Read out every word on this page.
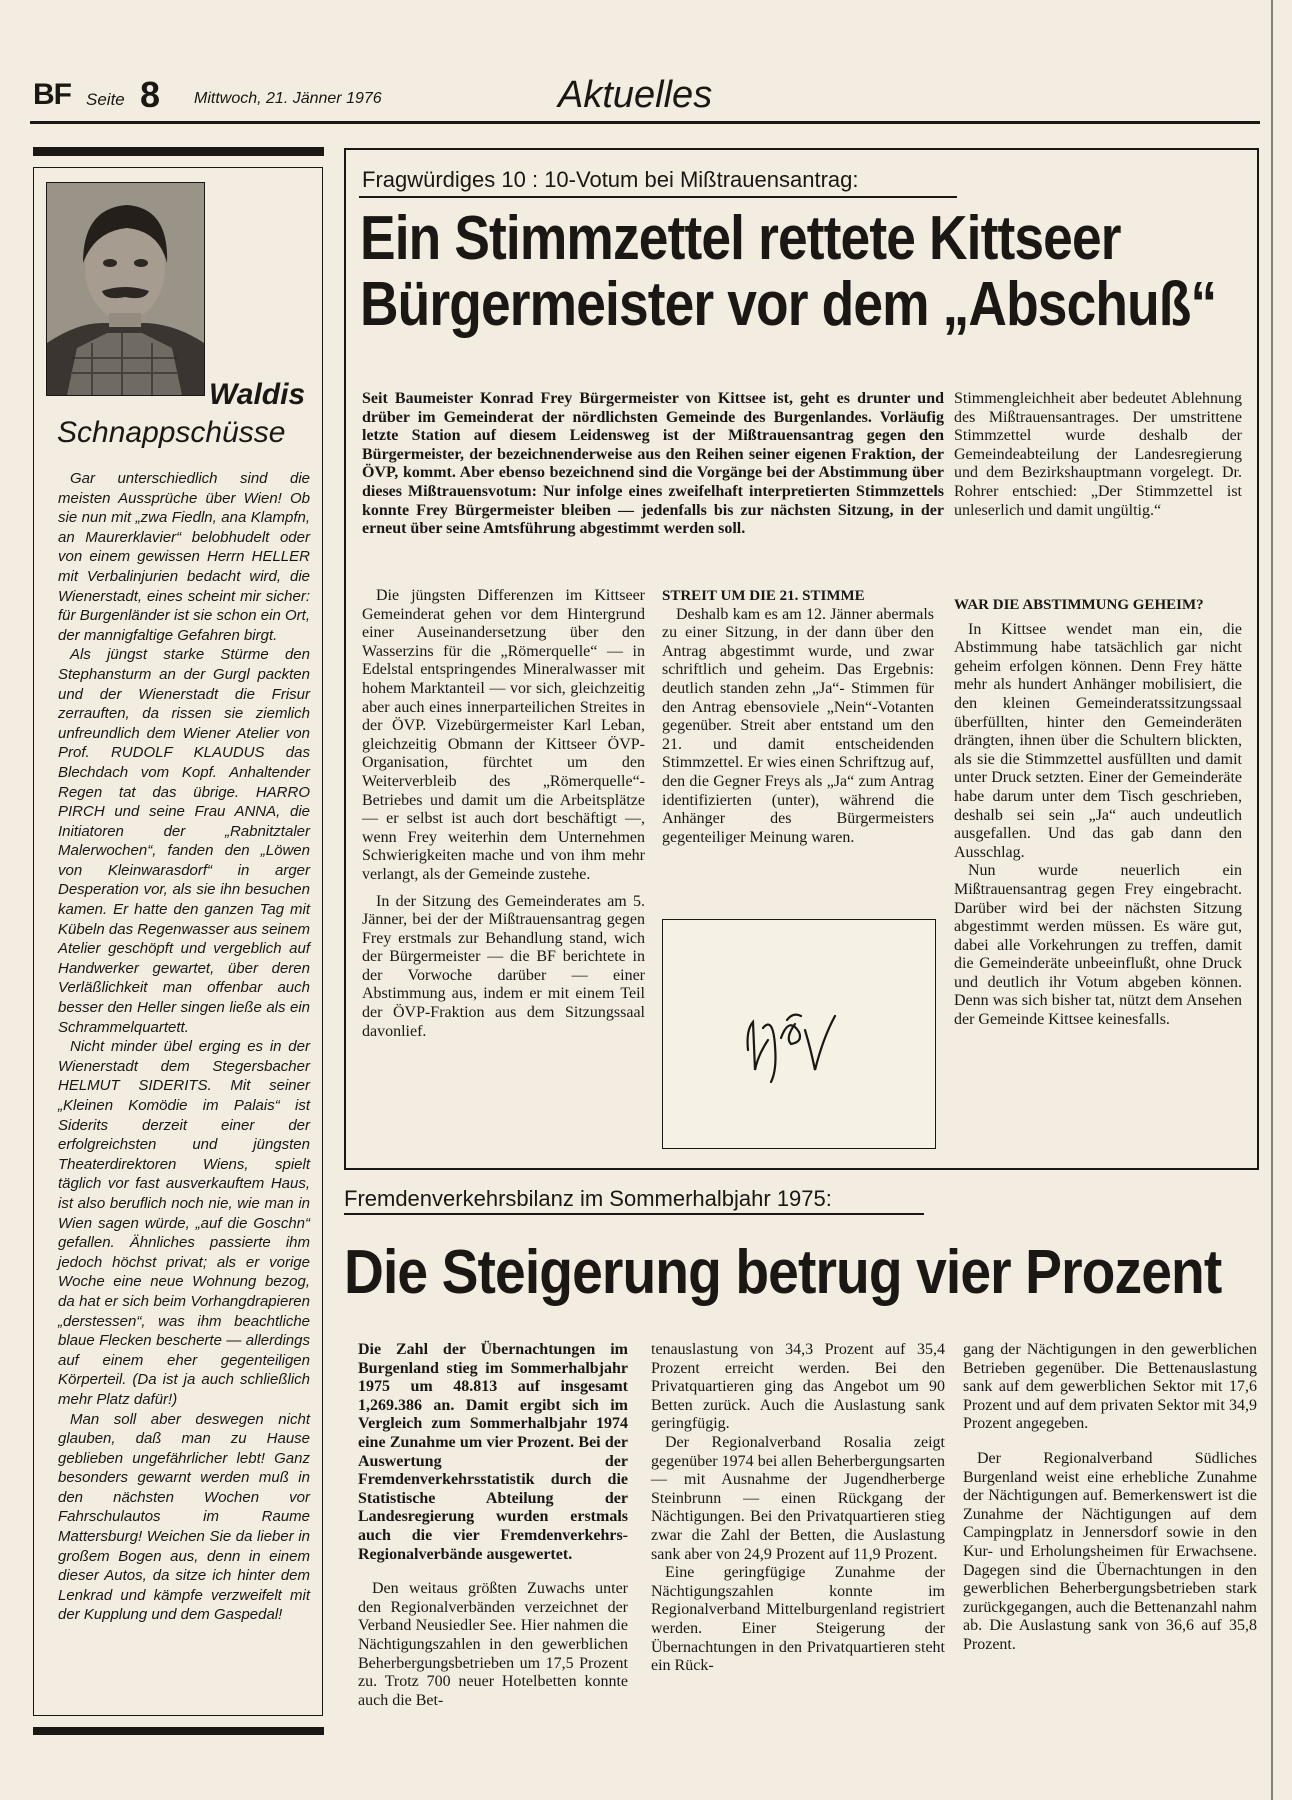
BF Seite 8 Mittwoch, 21. Jänner 1976	Aktuelles
Waldis
Schnappschüsse

Gar unterschiedlich sind die meisten Aussprüche über Wien! Ob sie nun mit „zwa Fiedln, ana Klampfn, an Maurerklavier“ belobhudelt oder von einem gewissen Herrn HELLER mit Verbalinjurien bedacht wird, die Wienerstadt, eines scheint mir sicher: für Burgenländer ist sie schon ein Ort, der mannigfaltige Gefahren birgt.

Als jüngst starke Stürme den Stephansturm an der Gurgl packten und der Wienerstadt die Frisur zerrauften, da rissen sie ziemlich unfreundlich dem Wiener Atelier von Prof. RUDOLF KLAUDUS das Blechdach vom Kopf. Anhaltender Regen tat das übrige. HARRO PIRCH und seine Frau ANNA, die Initiatoren der „Rabnitztaler Malerwochen“, fanden den „Löwen von Kleinwarasdorf“ in arger Desperation vor, als sie ihn besuchen kamen. Er hatte den ganzen Tag mit Kübeln das Regenwasser aus seinem Atelier geschöpft und vergeblich auf Handwerker gewartet, über deren Verläßlichkeit man offenbar auch besser den Heller singen ließe als ein Schrammelquartett.

Nicht minder übel erging es in der Wienerstadt dem Stegersbacher HELMUT SIDERITS. Mit seiner „Kleinen Komödie im Palais“ ist Siderits derzeit einer der erfolgreichsten und jüngsten Theaterdirektoren Wiens, spielt täglich vor fast ausverkauftem Haus, ist also beruflich noch nie, wie man in Wien sagen würde, „auf die Goschn“ gefallen. Ähnliches passierte ihm jedoch höchst privat; als er vorige Woche eine neue Wohnung bezog, da hat er sich beim Vorhangdrapieren „derstessen“, was ihm beachtliche blaue Flecken bescherte — allerdings auf einem eher gegenteiligen Körperteil. (Da ist ja auch schließlich mehr Platz dafür!)

Man soll aber deswegen nicht glauben, daß man zu Hause geblieben ungefährlicher lebt! Ganz besonders gewarnt werden muß in den nächsten Wochen vor Fahrschulautos im Raume Mattersburg! Weichen Sie da lieber in großem Bogen aus, denn in einem dieser Autos, da sitze ich hinter dem Lenkrad und kämpfe verzweifelt mit der Kupplung und dem Gaspedal!

Fragwürdiges 10 : 10-Votum bei Mißtrauensantrag:
Ein Stimmzettel rettete Kittseer
Bürgermeister vor dem „Abschuß“

Seit Baumeister Konrad Frey Bürgermeister von Kittsee ist, geht es drunter und drüber im Gemeinderat der nördlichsten Gemeinde des Burgenlandes. Vorläufig letzte Station auf diesem Leidensweg ist der Mißtrauensantrag gegen den Bürgermeister, der bezeichnenderweise aus den Reihen seiner eigenen Fraktion, der ÖVP, kommt. Aber ebenso bezeichnend sind die Vorgänge bei der Abstimmung über dieses Mißtrauensvotum: Nur infolge eines zweifelhaft interpretierten Stimmzettels konnte Frey Bürgermeister bleiben — jedenfalls bis zur nächsten Sitzung, in der erneut über seine Amtsführung abgestimmt werden soll.

Stimmengleichheit aber bedeutet Ablehnung des Mißtrauensantrages. Der umstrittene Stimmzettel wurde deshalb der Gemeindeabteilung der Landesregierung und dem Bezirkshauptmann vorgelegt. Dr. Rohrer entschied: „Der Stimmzettel ist unleserlich und damit ungültig.“

Die jüngsten Differenzen im Kittseer Gemeinderat gehen vor dem Hintergrund einer Auseinandersetzung über den Wasserzins für die „Römerquelle“ — in Edelstal entspringendes Mineralwasser mit hohem Marktanteil — vor sich, gleichzeitig aber auch eines innerparteilichen Streites in der ÖVP. Vizebürgermeister Karl Leban, gleichzeitig Obmann der Kittseer ÖVP-Organisation, fürchtet um den Weiterverbleib des „Römerquelle“-Betriebes und damit um die Arbeitsplätze — er selbst ist auch dort beschäftigt —, wenn Frey weiterhin dem Unternehmen Schwierigkeiten mache und von ihm mehr verlangt, als der Gemeinde zustehe.

In der Sitzung des Gemeinderates am 5. Jänner, bei der der Mißtrauensantrag gegen Frey erstmals zur Behandlung stand, wich der Bürgermeister — die BF berichtete in der Vorwoche darüber — einer Abstimmung aus, indem er mit einem Teil der ÖVP-Fraktion aus dem Sitzungssaal davonlief.

STREIT UM DIE 21. STIMME

Deshalb kam es am 12. Jänner abermals zu einer Sitzung, in der dann über den Antrag abgestimmt wurde, und zwar schriftlich und geheim. Das Ergebnis: deutlich standen zehn „Ja“- Stimmen für den Antrag ebensoviele „Nein“-Votanten gegenüber. Streit aber entstand um den 21. und damit entscheidenden Stimmzettel. Er wies einen Schriftzug auf, den die Gegner Freys als „Ja“ zum Antrag identifizierten (unter), während die Anhänger des Bürgermeisters gegenteiliger Meinung waren.

WAR DIE ABSTIMMUNG GEHEIM?

In Kittsee wendet man ein, die Abstimmung habe tatsächlich gar nicht geheim erfolgen können. Denn Frey hätte mehr als hundert Anhänger mobilisiert, die den kleinen Gemeinderatssitzungssaal überfüllten, hinter den Gemeinderäten drängten, ihnen über die Schultern blickten, als sie die Stimmzettel ausfüllten und damit unter Druck setzten. Einer der Gemeinderäte habe darum unter dem Tisch geschrieben, deshalb sei sein „Ja“ auch undeutlich ausgefallen. Und das gab dann den Ausschlag.

Nun wurde neuerlich ein Mißtrauensantrag gegen Frey eingebracht. Darüber wird bei der nächsten Sitzung abgestimmt werden müssen. Es wäre gut, dabei alle Vorkehrungen zu treffen, damit die Gemeinderäte unbeeinflußt, ohne Druck und deutlich ihr Votum abgeben können. Denn was sich bisher tat, nützt dem Ansehen der Gemeinde Kittsee keinesfalls.

Fremdenverkehrsbilanz im Sommerhalbjahr 1975:
Die Steigerung betrug vier Prozent

Die Zahl der Übernachtungen im Burgenland stieg im Sommerhalbjahr 1975 um 48.813 auf insgesamt 1,269.386 an. Damit ergibt sich im Vergleich zum Sommerhalbjahr 1974 eine Zunahme um vier Prozent. Bei der Auswertung der Fremdenverkehrsstatistik durch die Statistische Abteilung der Landesregierung wurden erstmals auch die vier Fremdenverkehrs-Regionalverbände ausgewertet.

Den weitaus größten Zuwachs unter den Regionalverbänden verzeichnet der Verband Neusiedler See. Hier nahmen die Nächtigungszahlen in den gewerblichen Beherbergungsbetrieben um 17,5 Prozent zu. Trotz 700 neuer Hotelbetten konnte auch die Bet-

tenauslastung von 34,3 Prozent auf 35,4 Prozent erreicht werden. Bei den Privatquartieren ging das Angebot um 90 Betten zurück. Auch die Auslastung sank geringfügig.

Der Regionalverband Rosalia zeigt gegenüber 1974 bei allen Beherbergungsarten — mit Ausnahme der Jugendherberge Steinbrunn — einen Rückgang der Nächtigungen. Bei den Privatquartieren stieg zwar die Zahl der Betten, die Auslastung sank aber von 24,9 Prozent auf 11,9 Prozent.

Eine geringfügige Zunahme der Nächtigungszahlen konnte im Regionalverband Mittelburgenland registriert werden. Einer Steigerung der Übernachtungen in den Privatquartieren steht ein Rück-

gang der Nächtigungen in den gewerblichen Betrieben gegenüber. Die Bettenauslastung sank auf dem gewerblichen Sektor mit 17,6 Prozent und auf dem privaten Sektor mit 34,9 Prozent angegeben.

Der Regionalverband Südliches Burgenland weist eine erhebliche Zunahme der Nächtigungen auf. Bemerkenswert ist die Zunahme der Nächtigungen auf dem Campingplatz in Jennersdorf sowie in den Kur- und Erholungsheimen für Erwachsene. Dagegen sind die Übernachtungen in den gewerblichen Beherbergungsbetrieben stark zurückgegangen, auch die Bettenanzahl nahm ab. Die Auslastung sank von 36,6 auf 35,8 Prozent.
